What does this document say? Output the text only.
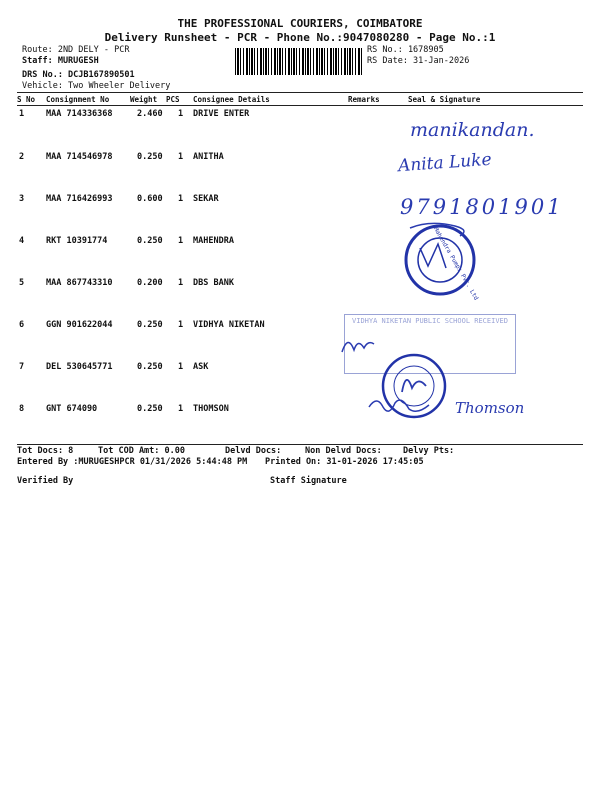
THE PROFESSIONAL COURIERS, COIMBATORE
Delivery Runsheet - PCR - Phone No.:9047080280 - Page No.:1
Route: 2ND DELY - PCR
Staff: MURUGESH
DRS No.: DCJB167890501
Vehicle: Two Wheeler Delivery
RS No.: 1678905
RS Date: 31-Jan-2026
S No Consignment No	Weight PCS Consignee Details	Remarks	Seal & Signature
1	MAA 714336368	2.460 1 DRIVE ENTER
2	MAA 714546978	0.250 1 ANITHA
3	MAA 716426993	0.600 1 SEKAR
4	RKT 10391774	0.250 1 MAHENDRA
5	MAA 867743310	0.200 1 DBS BANK
6	GGN 901622044	0.250 1 VIDHYA NIKETAN
7	DEL 530645771	0.250 1 ASK
8	GNT 674090	0.250 1 THOMSON
manikandan.
Anita Luke
9791801901
Mahendra Pumps Pvt. Ltd
VIDHYA NIKETAN PUBLIC SCHOOL RECEIVED
Thomson
Tot Docs: 8	Tot COD Amt: 0.00	Delvd Docs:	Non Delvd Docs: Delvy Pts:
Entered By :MURUGESHPCR 01/31/2026 5:44:48 PM Printed On: 31-01-2026 17:45:05
Verified By	Staff Signature
